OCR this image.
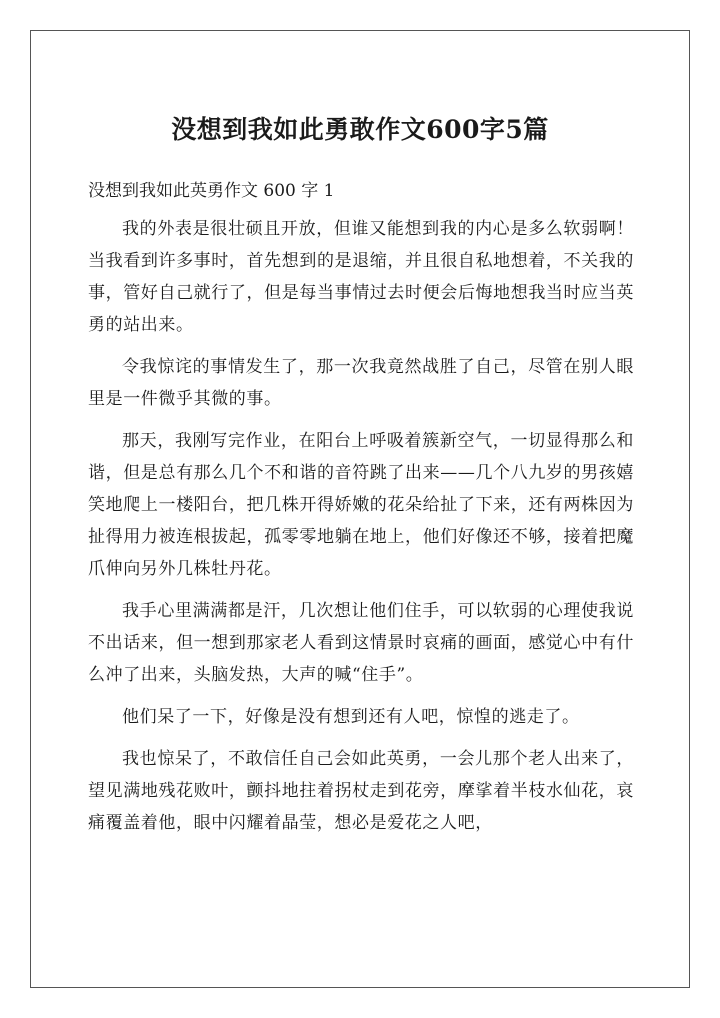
没想到我如此勇敢作文600字5篇

没想到我如此英勇作文 600 字 1

我的外表是很壮硕且开放，但谁又能想到我的内心是多么软弱啊！当我看到许多事时，首先想到的是退缩，并且很自私地想着，不关我的事，管好自己就行了，但是每当事情过去时便会后悔地想我当时应当英勇的站出来。

令我惊诧的事情发生了，那一次我竟然战胜了自己，尽管在别人眼里是一件微乎其微的事。

那天，我刚写完作业，在阳台上呼吸着簇新空气，一切显得那么和谐，但是总有那么几个不和谐的音符跳了出来——几个八九岁的男孩嬉笑地爬上一楼阳台，把几株开得娇嫩的花朵给扯了下来，还有两株因为扯得用力被连根拔起，孤零零地躺在地上，他们好像还不够，接着把魔爪伸向另外几株牡丹花。

我手心里满满都是汗，几次想让他们住手，可以软弱的心理使我说不出话来，但一想到那家老人看到这情景时哀痛的画面，感觉心中有什么冲了出来，头脑发热，大声的喊“住手”。

他们呆了一下，好像是没有想到还有人吧，惊惶的逃走了。

我也惊呆了，不敢信任自己会如此英勇，一会儿那个老人出来了，望见满地残花败叶，颤抖地拄着拐杖走到花旁，摩挲着半枝水仙花，哀痛覆盖着他，眼中闪耀着晶莹，想必是爱花之人吧，
